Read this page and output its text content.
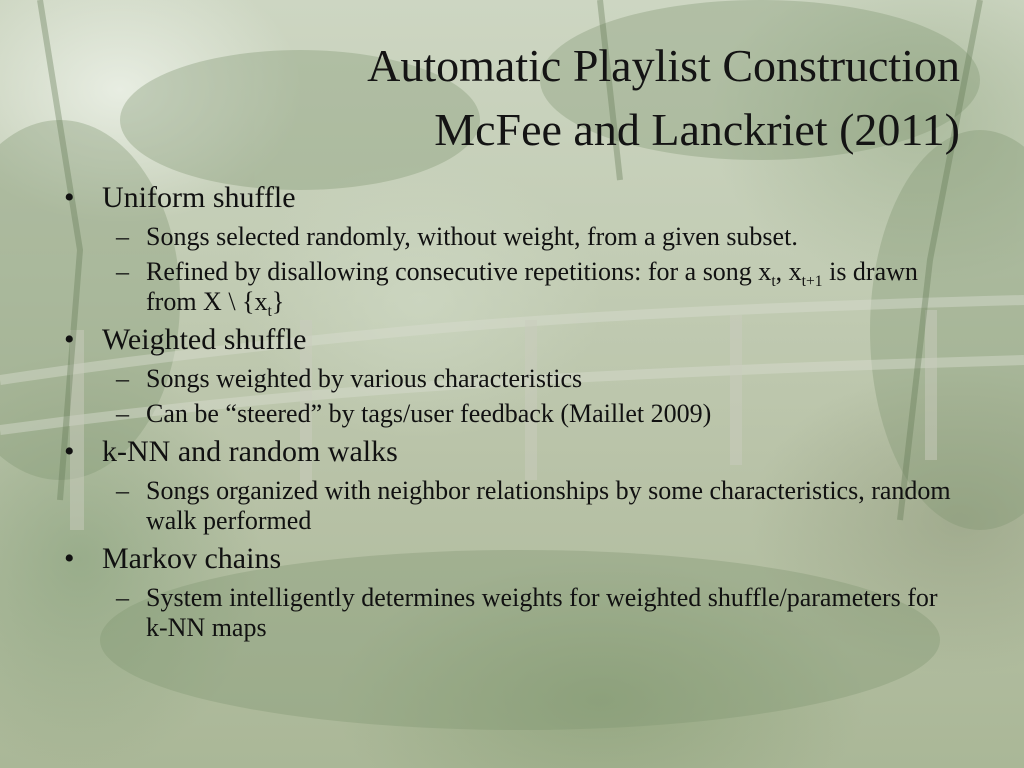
Automatic Playlist Construction
McFee and Lanckriet (2011)
• Uniform shuffle
– Songs selected randomly, without weight, from a given subset.
– Refined by disallowing consecutive repetitions: for a song $x_t$, $x_{t+1}$ is drawn from X \ $\{x_t\}$
• Weighted shuffle
– Songs weighted by various characteristics
– Can be “steered” by tags/user feedback (Maillet 2009)
• k-NN and random walks
– Songs organized with neighbor relationships by some characteristics, random walk performed
• Markov chains
– System intelligently determines weights for weighted shuffle/parameters for k-NN maps
